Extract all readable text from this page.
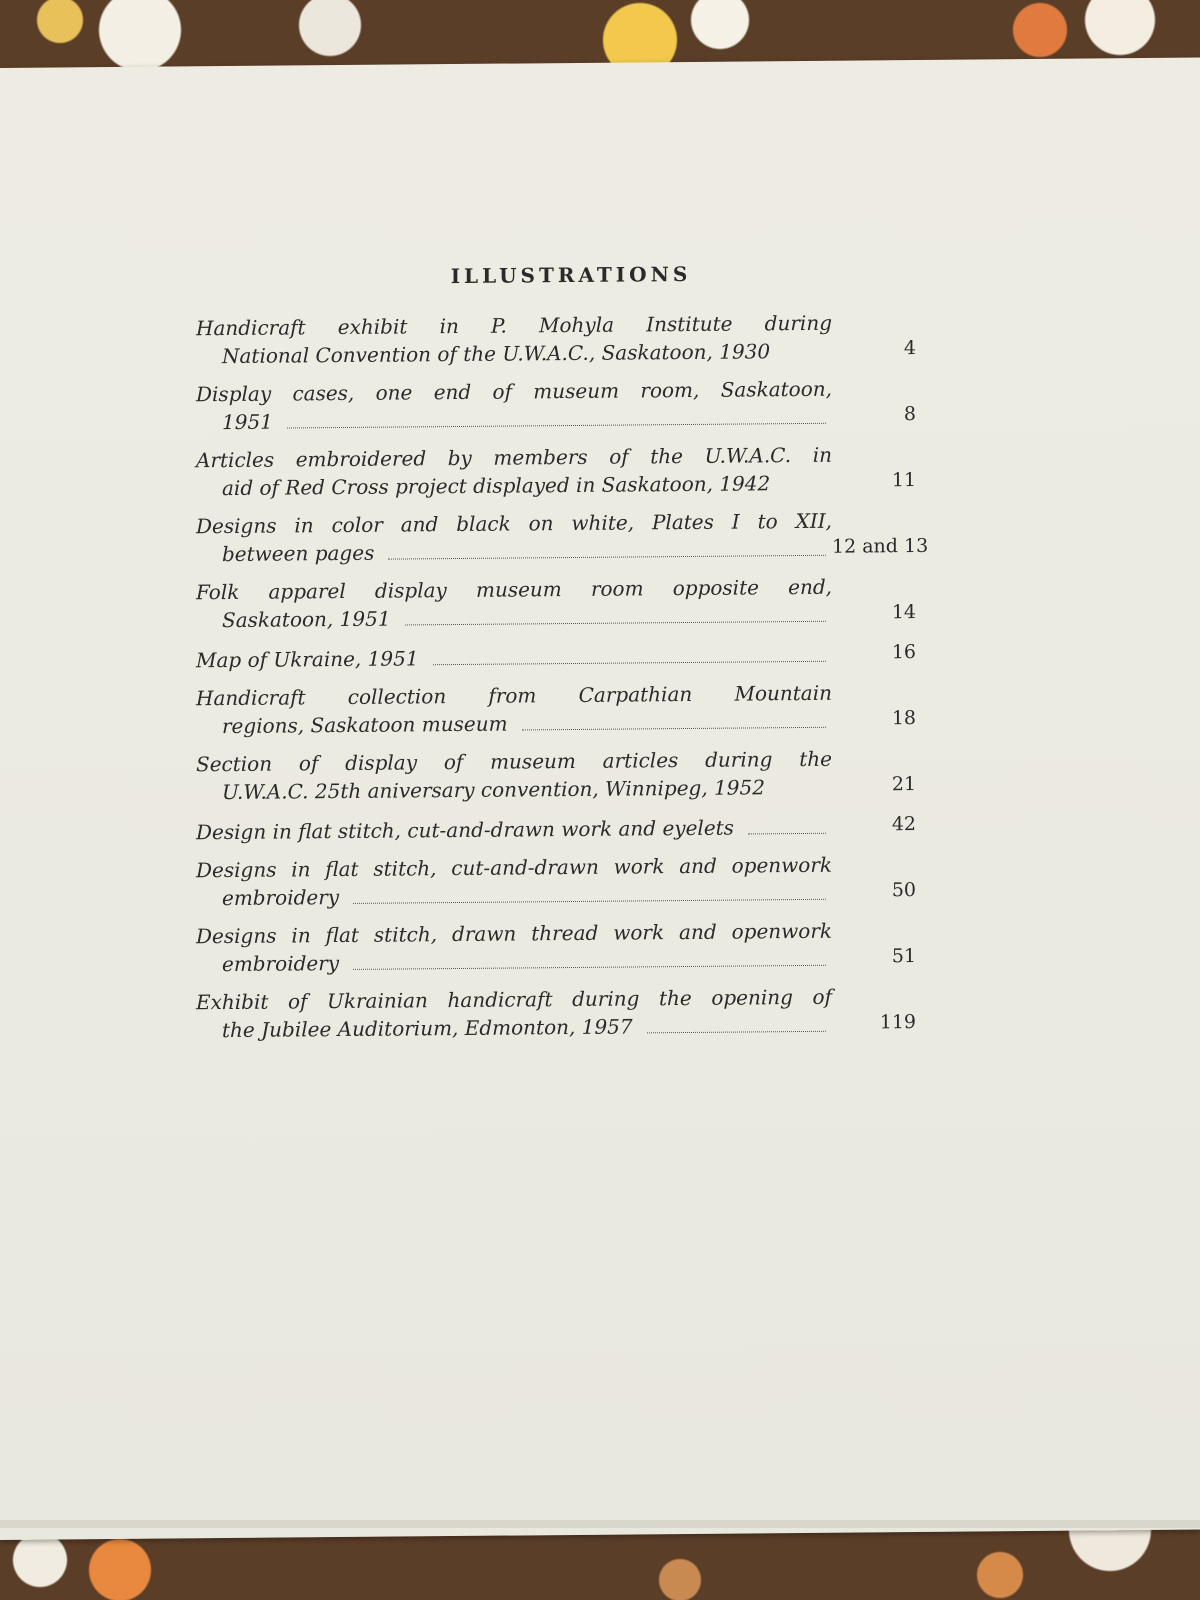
ILLUSTRATIONS
Handicraft exhibit in P. Mohyla Institute during
National Convention of the U.W.A.C., Saskatoon, 1930	4
Display cases, one end of museum room, Saskatoon,
1951	8
Articles embroidered by members of the U.W.A.C. in
aid of Red Cross project displayed in Saskatoon, 1942	11
Designs in color and black on white, Plates I to XII,
between pages	12 and 13
Folk apparel display museum room opposite end,
Saskatoon, 1951	14
Map of Ukraine, 1951	16
Handicraft collection from Carpathian Mountain
regions, Saskatoon museum	18
Section of display of museum articles during the
U.W.A.C. 25th aniversary convention, Winnipeg, 1952	21
Design in flat stitch, cut-and-drawn work and eyelets	42
Designs in flat stitch, cut-and-drawn work and openwork
embroidery	50
Designs in flat stitch, drawn thread work and openwork
embroidery	51
Exhibit of Ukrainian handicraft during the opening of
the Jubilee Auditorium, Edmonton, 1957	119
